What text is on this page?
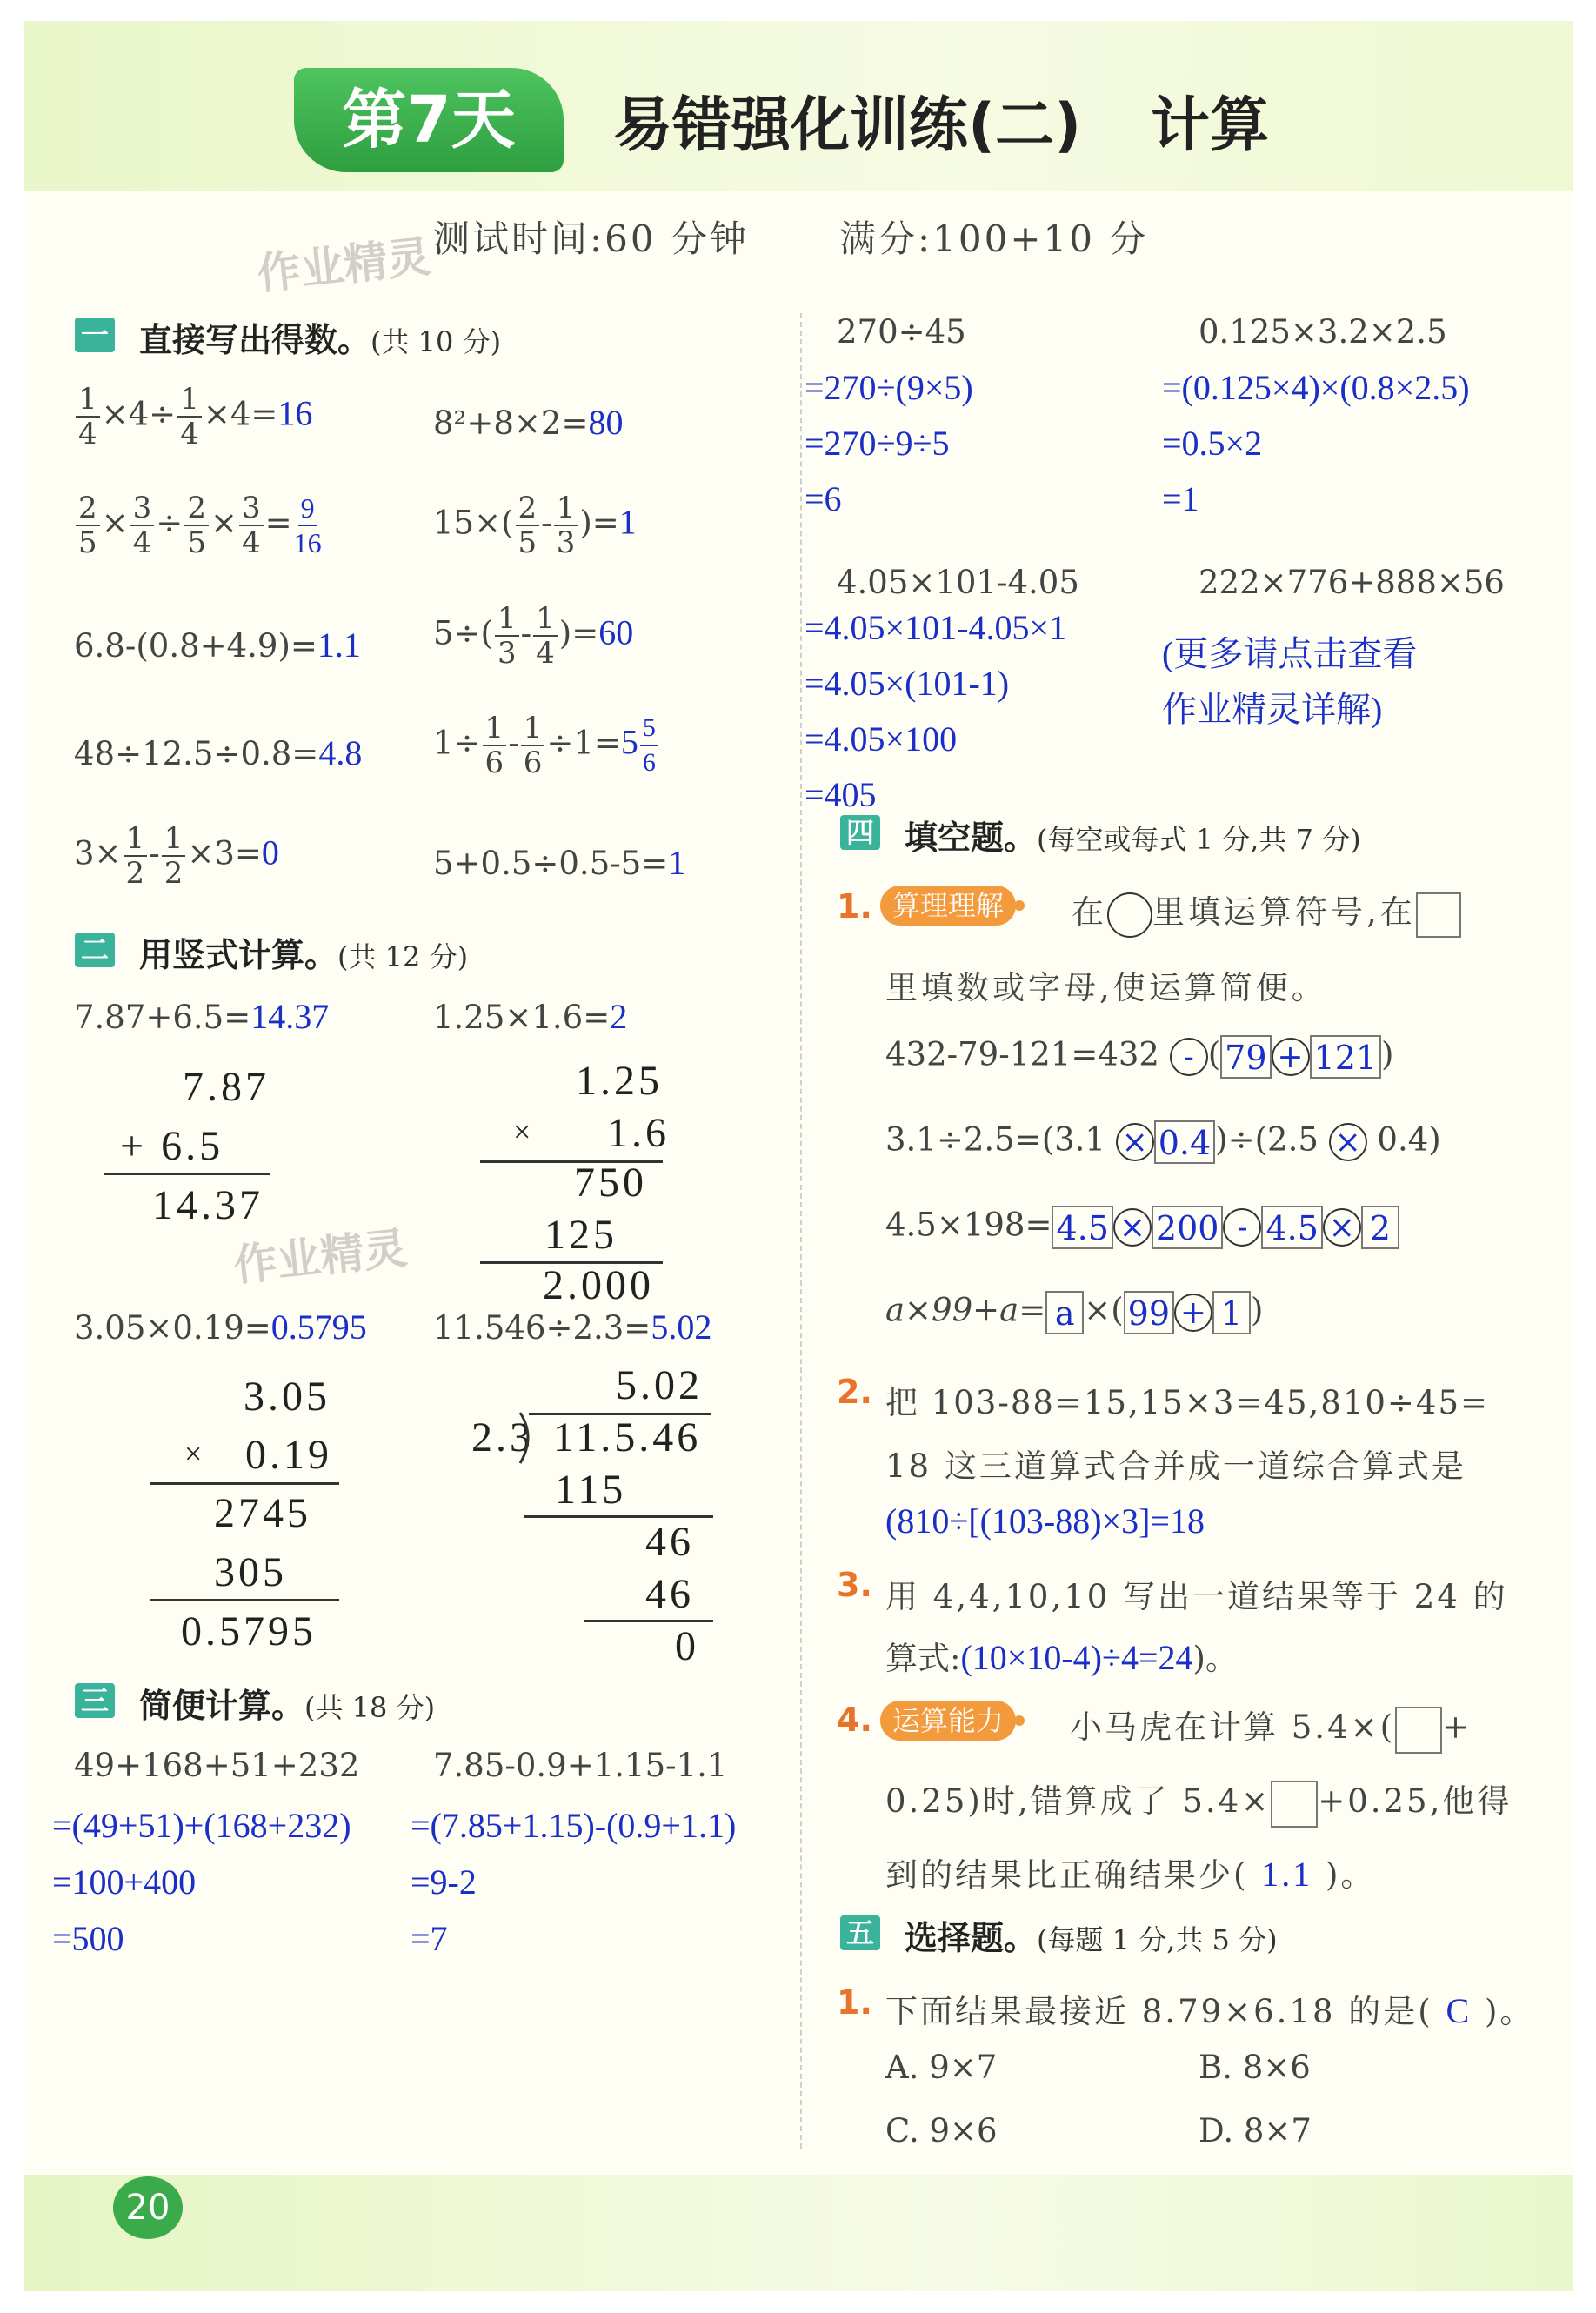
第7天	易错强化训练(二) 计算
测试时间:60 分钟 满分:100+10 分
作业精灵
一 直接写出得数。(共 10 分)
$\frac{1}{4} \times 4\div \frac{1}{4} \times 4=16$	8²+8×2=80
$\frac{2}{5} \times \frac{3}{4} \div \frac{2}{5} \times \frac{3}{4} = \frac{9}{16}$	$15\times( \frac{2}{5} - \frac{1}{3} )=1$
6.8-(0.8+4.9)=1.1 $5\div( \frac{1}{3} - \frac{1}{4} )=60$
48÷12.5÷0.8=4.8 $1\div \frac{1}{6} - \frac{1}{6} \div 1=5 \frac{5}{6}$
$3\times \frac{1}{2} - \frac{1}{2} \times 3=0$	5+0.5÷0.5-5=1
二 用竖式计算。(共 12 分)
7.87+6.5=14.37	1.25×1.6=2
7.87
+ 6.5
14.37
1.25
× 1.6
750
125
2.000
作业精灵
3.05×0.19=0.5795 11.546÷2.3=5.02
3.05
× 0.19
2745
305
0.5795
5.02
2.3 11.5.46
115
46
46
0
三 简便计算。(共 18 分)
49+168+51+232
=(49+51)+(168+232)
=100+400
=500
7.85-0.9+1.15-1.1
=(7.85+1.15)-(0.9+1.1)
=9-2
=7
270÷45
=270÷(9×5)
=270÷9÷5
=6
0.125×3.2×2.5
=(0.125×4)×(0.8×2.5)
=0.5×2
=1
4.05×101-4.05
=4.05×101-4.05×1
=4.05×(101-1)
=4.05×100
=405
222×776+888×56
(更多请点击查看
作业精灵详解)
四 填空题。(每空或每式 1 分,共 7 分)
1. 算理理解	在 里填运算符号,在
里填数或字母,使运算简便。
432-79-121=432 - ( 79 + 121 )
3.1÷2.5=(3.1 × 0.4 )÷(2.5 × 0.4)
4.5×198= 4.5 × 200 - 4.5 × 2
a×99+a= a ×( 99 + 1 )
2. 把 103-88=15,15×3=45,810÷45=
18 这三道算式合并成一道综合算式是
(810÷[(103-88)×3]=18
3. 用 4,4,10,10 写出一道结果等于 24 的
算式:(10×10-4)÷4=24)。
4. 运算能力	小马虎在计算 5.4×( +
0.25)时,错算成了 5.4× +0.25,他得
到的结果比正确结果少( 1.1 )。
五 选择题。(每题 1 分,共 5 分)
1. 下面结果最接近 8.79×6.18 的是( C )。
A. 9×7	B. 8×6
C. 9×6	D. 8×7
20
